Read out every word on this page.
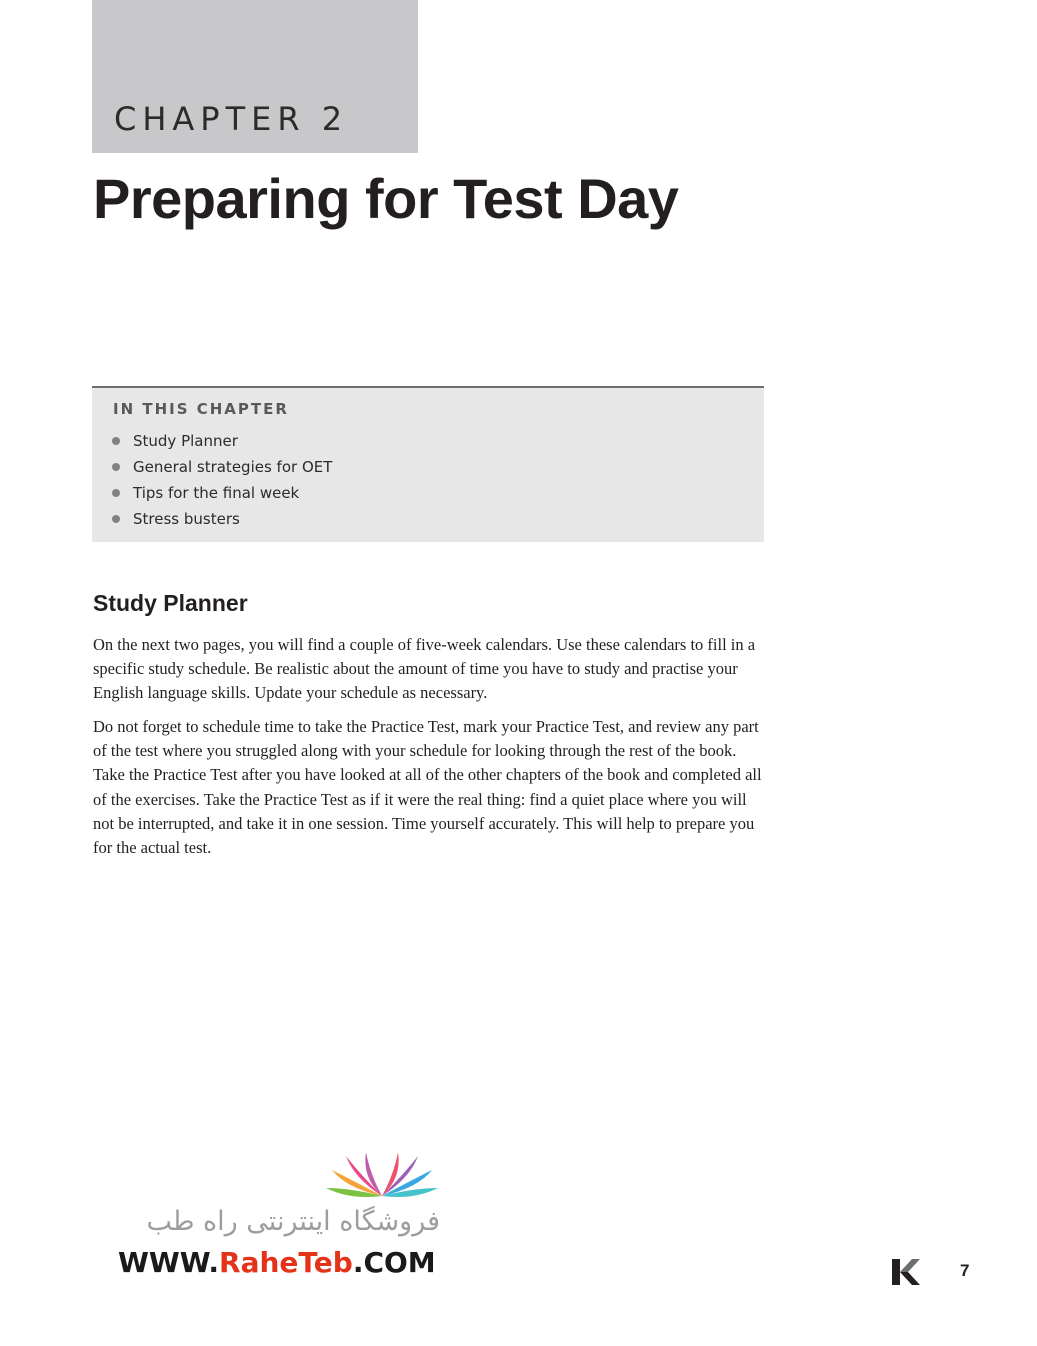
CHAPTER 2
Preparing for Test Day
IN THIS CHAPTER
Study Planner
General strategies for OET
Tips for the final week
Stress busters
Study Planner

On the next two pages, you will find a couple of five-week calendars. Use these calendars to fill in a specific study schedule. Be realistic about the amount of time you have to study and practise your English language skills. Update your schedule as necessary.

Do not forget to schedule time to take the Practice Test, mark your Practice Test, and review any part of the test where you struggled along with your schedule for looking through the rest of the book. Take the Practice Test after you have looked at all of the other chapters of the book and completed all of the exercises. Take the Practice Test as if it were the real thing: find a quiet place where you will not be interrupted, and take it in one session. Time yourself accurately. This will help to prepare you for the actual test.

فروشگاه اینترنتی راه طب

WWW.RaheTeb.COM	7
